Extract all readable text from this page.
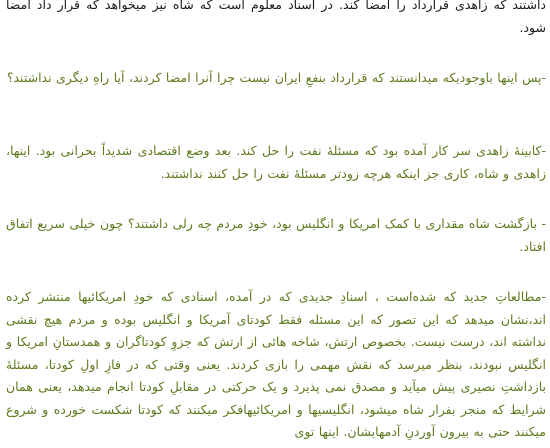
داشتند که زاهدی قرارداد را امضا کند. در اسناد معلوم است که شاه نیز میخواهد که قرار داد امضا شود.

-پس اینها باوجودیکه میدانستند که قرارداد بنفعِ ایران نیست چرا آنرا امضا کردند، آیا راهِ دیگری نداشتند؟

-کابینهٔ زاهدی سر کار آمده بود که مسئلهٔ نفت را حل کند. بعد وضع اقتصادی شدیداً بحرانی بود. اینها، زاهدی و شاه، کاری جز اینکه هرچه زودتر مسئلهٔ نفت را حل کنند نداشتند.

- بازگشت شاه مقداری با کمک امریکا و انگلیس بود، خودِ مردم چه رلی داشتند؟ چون خیلی سریع اتفاق افتاد.

-مطالعاتِ جدید که شده‌است ، اسنادِ جدیدی که در آمده، اسنادی که خودِ امریکائیها منتشر کرده اند،نشان میدهد که این تصور که این مسئله فقط کودتای آمریکا و انگلیس بوده و مردم هیچ نقشی نداشته اند، درست نیست. بخصوص ارتش، شاخه هائی از ارتش که جزوِ کودتاگران و همدستانِ امریکا و انگلیس نبودند، بنظر میرسد که نقش مهمی را بازی کردند. یعنی وقتی که در فازِ اولِ کودتا، مسئلهٔ بازداشتِ نصیری پیش میآید و مصدق نمی پذیرد و یک حرکتی در مقابلِ کودتا انجام میدهد، یعنی همان شرایط که منجر بفرار شاه میشود، انگلیسیها و امریکائیهافکر میکنند که کودتا شکست خورده و شروع میکنند حتی به بیرون آوردنِ آدمهایشان. اینها توی
